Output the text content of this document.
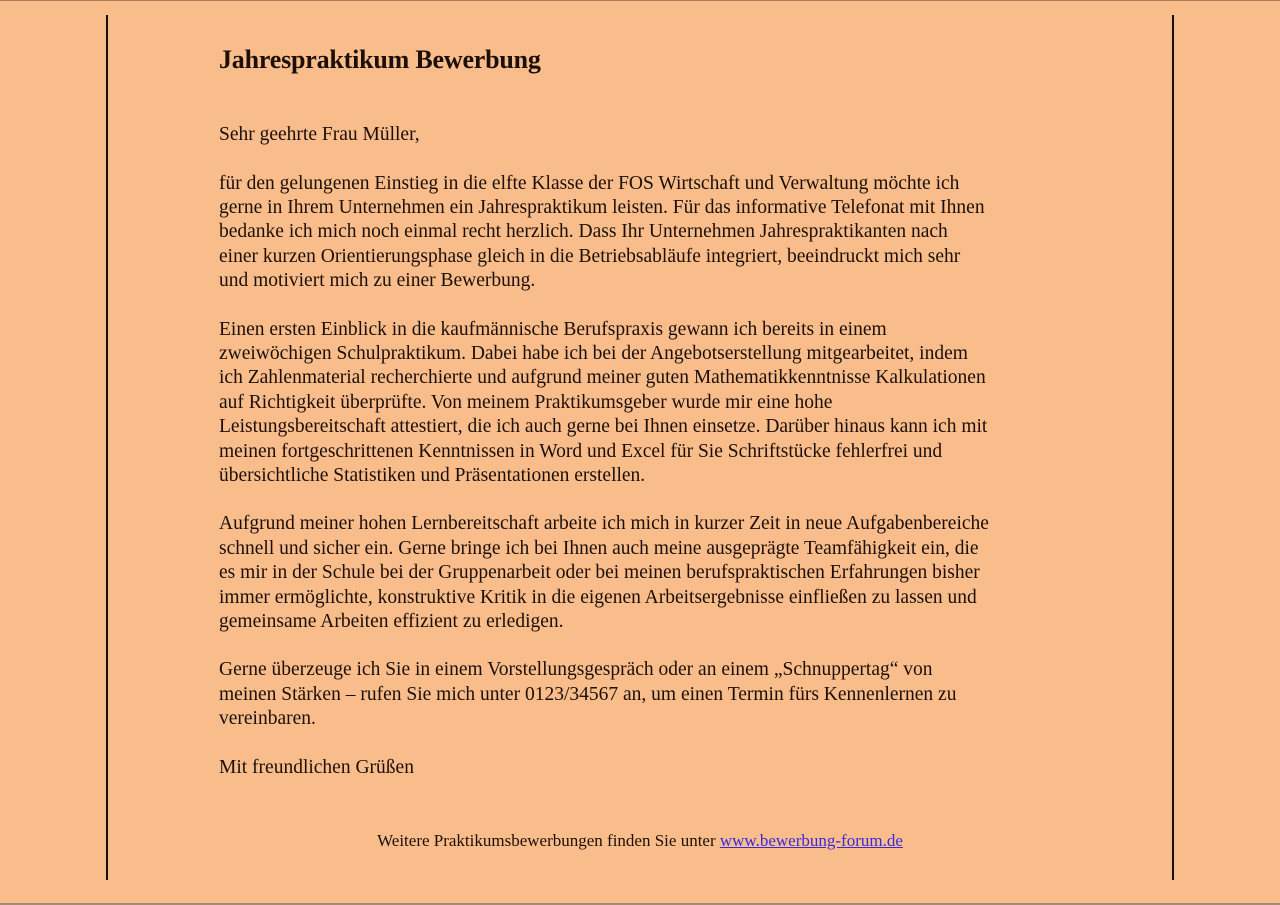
Jahrespraktikum Bewerbung

Sehr geehrte Frau Müller,

für den gelungenen Einstieg in die elfte Klasse der FOS Wirtschaft und Verwaltung möchte ich
gerne in Ihrem Unternehmen ein Jahrespraktikum leisten. Für das informative Telefonat mit Ihnen
bedanke ich mich noch einmal recht herzlich. Dass Ihr Unternehmen Jahrespraktikanten nach
einer kurzen Orientierungsphase gleich in die Betriebsabläufe integriert, beeindruckt mich sehr
und motiviert mich zu einer Bewerbung.

Einen ersten Einblick in die kaufmännische Berufspraxis gewann ich bereits in einem
zweiwöchigen Schulpraktikum. Dabei habe ich bei der Angebotserstellung mitgearbeitet, indem
ich Zahlenmaterial recherchierte und aufgrund meiner guten Mathematikkenntnisse Kalkulationen
auf Richtigkeit überprüfte. Von meinem Praktikumsgeber wurde mir eine hohe
Leistungsbereitschaft attestiert, die ich auch gerne bei Ihnen einsetze. Darüber hinaus kann ich mit
meinen fortgeschrittenen Kenntnissen in Word und Excel für Sie Schriftstücke fehlerfrei und
übersichtliche Statistiken und Präsentationen erstellen.

Aufgrund meiner hohen Lernbereitschaft arbeite ich mich in kurzer Zeit in neue Aufgabenbereiche
schnell und sicher ein. Gerne bringe ich bei Ihnen auch meine ausgeprägte Teamfähigkeit ein, die
es mir in der Schule bei der Gruppenarbeit oder bei meinen berufspraktischen Erfahrungen bisher
immer ermöglichte, konstruktive Kritik in die eigenen Arbeitsergebnisse einfließen zu lassen und
gemeinsame Arbeiten effizient zu erledigen.

Gerne überzeuge ich Sie in einem Vorstellungsgespräch oder an einem „Schnuppertag“ von
meinen Stärken – rufen Sie mich unter 0123/34567 an, um einen Termin fürs Kennenlernen zu
vereinbaren.

Mit freundlichen Grüßen

Weitere Praktikumsbewerbungen finden Sie unter www.bewerbung-forum.de
